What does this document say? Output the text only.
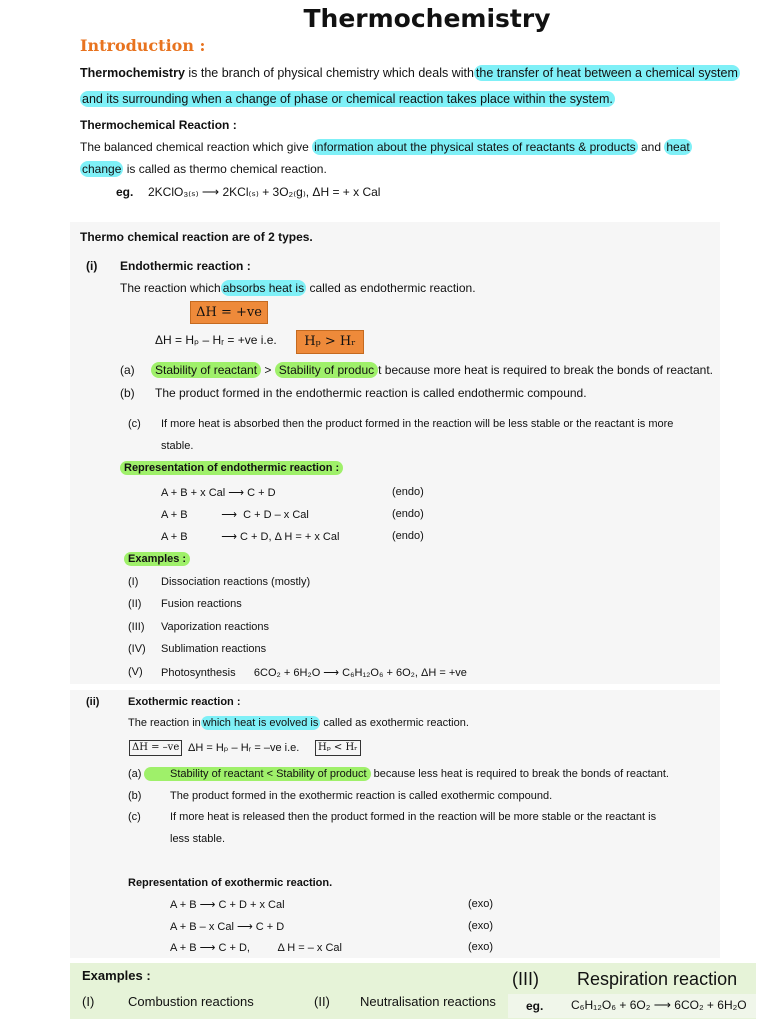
Thermochemistry
Introduction :
Thermochemistry is the branch of physical chemistry which deals with the transfer of heat between a chemical system
and its surrounding when a change of phase or chemical reaction takes place within the system.
Thermochemical Reaction :
The balanced chemical reaction which give information about the physical states of reactants & products and heat
change is called as thermo chemical reaction.
eg. 2KClO₃₍ₛ₎ ⟶ 2KCl₍ₛ₎ + 3O₂₍g₎, ΔH = + x Cal
Thermo chemical reaction are of 2 types.
(i) Endothermic reaction :
The reaction which absorbs heat is called as endothermic reaction.
ΔH = +ve
ΔH = Hₚ – Hᵣ = +ve i.e.	Hₚ > Hᵣ
(a)	Stability of reactant > Stability of produc t because more heat is required to break the bonds of reactant.
(b) The product formed in the endothermic reaction is called endothermic compound.
(c) If more heat is absorbed then the product formed in the reaction will be less stable or the reactant is more
stable.
Representation of endothermic reaction :
A + B + x Cal ⟶ C + D	(endo)
A + B           ⟶  C + D – x Cal	(endo)
A + B           ⟶ C + D, Δ H = + x Cal	(endo)
Examples :
(I) Dissociation reactions (mostly)
(II) Fusion reactions
(III) Vaporization reactions
(IV) Sublimation reactions
(V) Photosynthesis      6CO₂ + 6H₂O ⟶ C₆H₁₂O₆ + 6O₂, ΔH = +ve
(ii)	Exothermic reaction :
The reaction in which heat is evolved is called as exothermic reaction.
ΔH = –ve ΔH = Hₚ – Hᵣ = –ve i.e.	Hₚ < Hᵣ
(a)	Stability of reactant < Stability of product because less heat is required to break the bonds of reactant.
(b)	The product formed in the exothermic reaction is called exothermic compound.
(c)	If more heat is released then the product formed in the reaction will be more stable or the reactant is
less stable.
Representation of exothermic reaction.
A + B ⟶ C + D + x Cal	(exo)
A + B – x Cal ⟶ C + D	(exo)
A + B ⟶ C + D,         Δ H = – x Cal	(exo)
Examples :
(I)	Combustion reactions	(II) Neutralisation reactions
(III) Respiration reaction
eg. C₆H₁₂O₆ + 6O₂ ⟶ 6CO₂ + 6H₂O
